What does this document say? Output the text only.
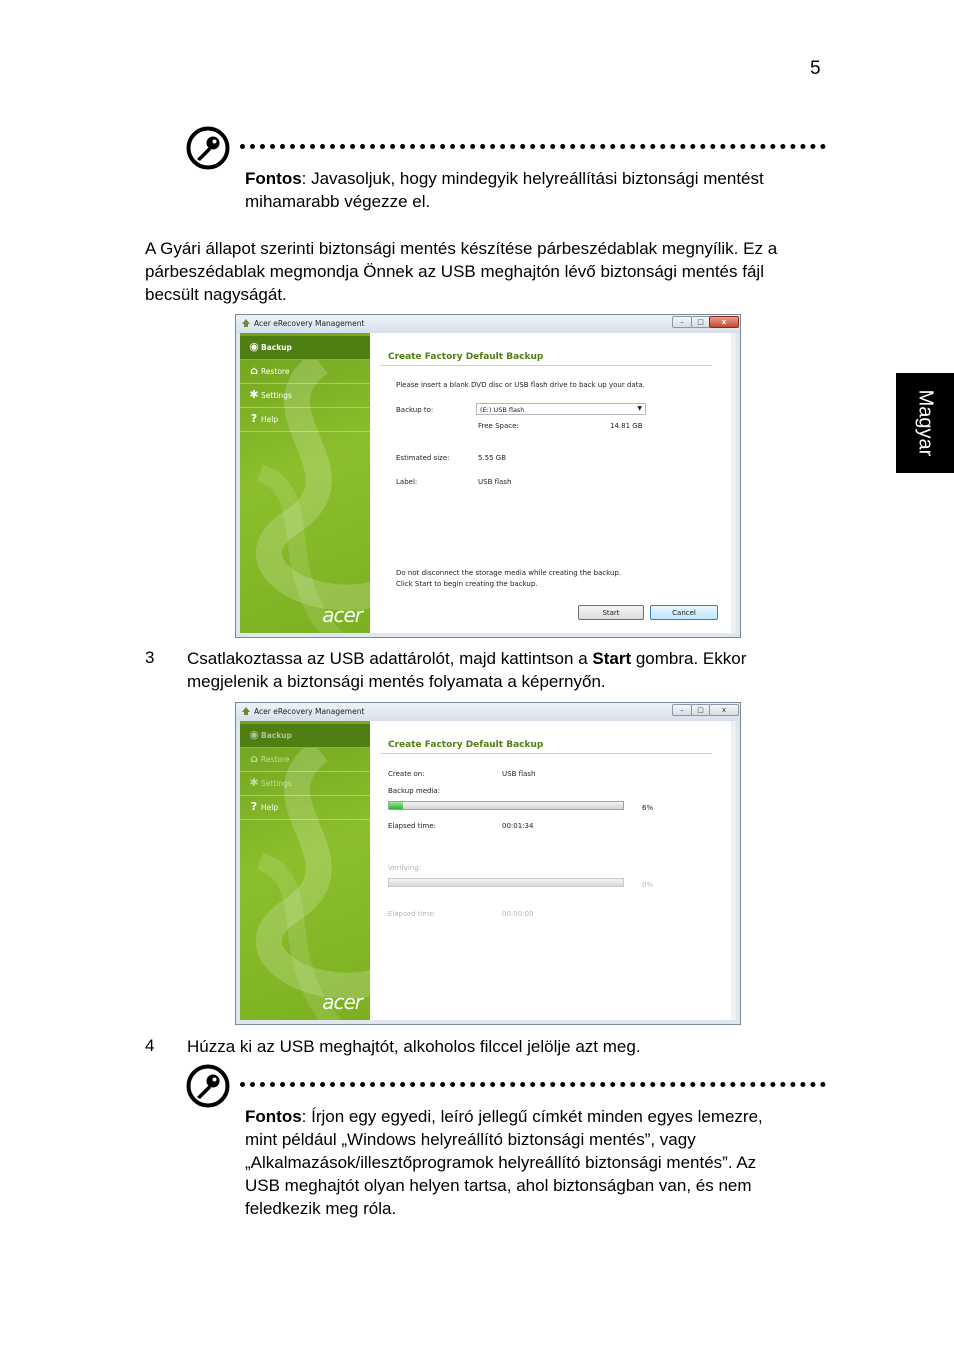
5
Magyar
Fontos: Javasoljuk, hogy mindegyik helyreállítási biztonsági mentést
mihamarabb végezze el.
A Gyári állapot szerinti biztonsági mentés készítése párbeszédablak megnyílik. Ez a
párbeszédablak megmondja Önnek az USB meghajtón lévő biztonsági mentés fájl
becsült nagyságát.
Acer eRecovery Management	–	□	x
◉ Backup
⌂ Restore
✱ Settings
? Help
acer
Create Factory Default Backup
Please insert a blank DVD disc or USB flash drive to back up your data.
Backup to:	(E:) USB flash	▼
Free Space:	14.81 GB
Estimated size:	5.55 GB
Label:	USB flash
Do not disconnect the storage media while creating the backup.
Click Start to begin creating the backup.
Start	Cancel
3 Csatlakoztassa az USB adattárolót, majd kattintson a Start gombra. Ekkor
megjelenik a biztonsági mentés folyamata a képernyőn.
Acer eRecovery Management	–	□	x
◉ Backup
⌂ Restore
✱ Settings
? Help
acer
Create Factory Default Backup
Create on:	USB flash
Backup media:
6%
Elapsed time:	00:01:34
Verifying:
0%
Elapsed time:	00:00:00
4 Húzza ki az USB meghajtót, alkoholos filccel jelölje azt meg.
Fontos: Írjon egy egyedi, leíró jellegű címkét minden egyes lemezre,
mint például „Windows helyreállító biztonsági mentés”, vagy
„Alkalmazások/illesztőprogramok helyreállító biztonsági mentés”. Az
USB meghajtót olyan helyen tartsa, ahol biztonságban van, és nem
feledkezik meg róla.
